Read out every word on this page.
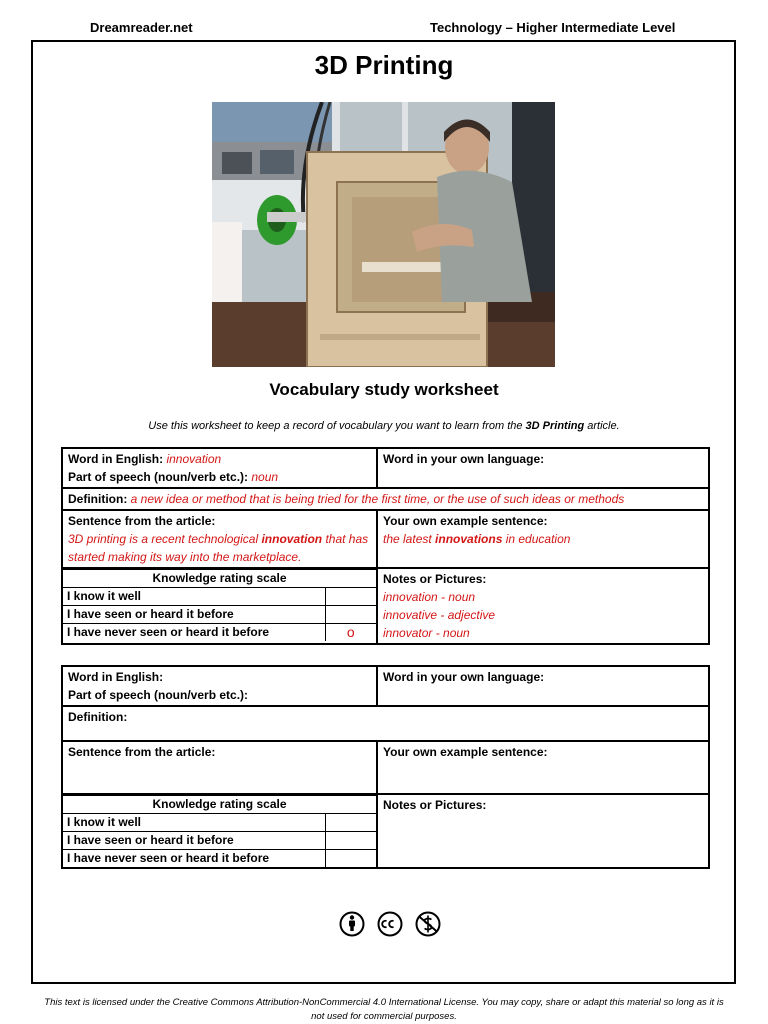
Dreamreader.net	Technology – Higher Intermediate Level
3D Printing
Vocabulary study worksheet
Use this worksheet to keep a record of vocabulary you want to learn from the 3D Printing article.
Word in English: innovation
Part of speech (noun/verb etc.): noun	Word in your own language:
Definition: a new idea or method that is being tried for the first time, or the use of such ideas or methods
Sentence from the article:
3D printing is a recent technological innovation that has started making its way into the marketplace.	Your own example sentence:
the latest innovations in education

Knowledge rating scale
I know it well	
I have seen or heard it before	
I have never seen or heard it before	o
	Notes or Pictures:
innovation - noun
innovative - adjective
innovator - noun
Word in English:
Part of speech (noun/verb etc.):	Word in your own language:
Definition:
Sentence from the article:	Your own example sentence:

Knowledge rating scale
I know it well	
I have seen or heard it before	
I have never seen or heard it before	
	Notes or Pictures:
This text is licensed under the Creative Commons Attribution-NonCommercial 4.0 International License. You may copy, share or adapt this material so long as it is not used for commercial purposes.
